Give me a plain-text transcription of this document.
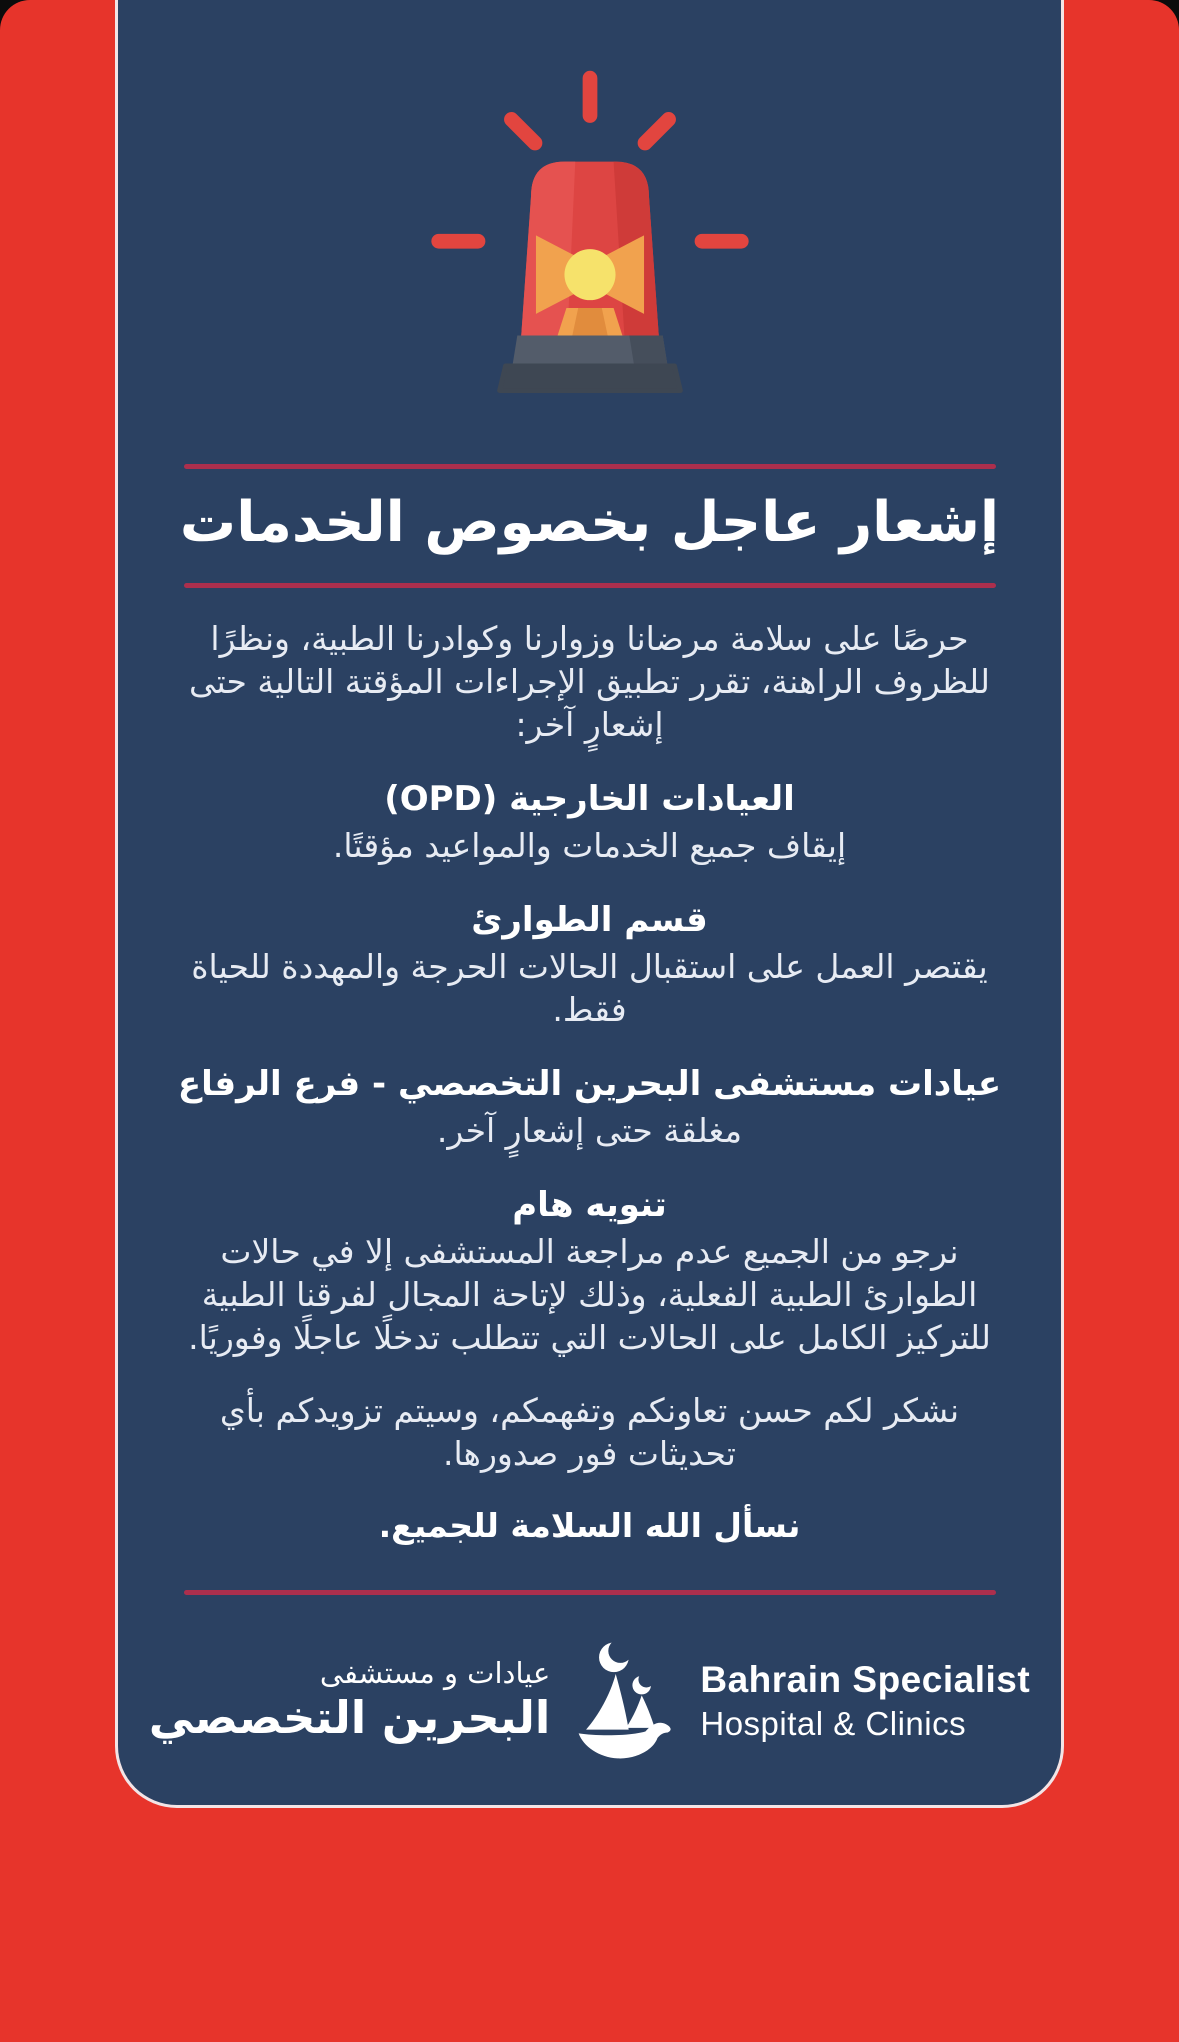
إشعار عاجل بخصوص الخدمات

حرصًا على سلامة مرضانا وزوارنا وكوادرنا الطبية، ونظرًا للظروف الراهنة، تقرر تطبيق الإجراءات المؤقتة التالية حتى إشعارٍ آخر:

العيادات الخارجية (OPD)

إيقاف جميع الخدمات والمواعيد مؤقتًا.

قسم الطوارئ

يقتصر العمل على استقبال الحالات الحرجة والمهددة للحياة فقط.

عيادات مستشفى البحرين التخصصي - فرع الرفاع

مغلقة حتى إشعارٍ آخر.

تنويه هام

نرجو من الجميع عدم مراجعة المستشفى إلا في حالات الطوارئ الطبية الفعلية، وذلك لإتاحة المجال لفرقنا الطبية للتركيز الكامل على الحالات التي تتطلب تدخلًا عاجلًا وفوريًا.

نشكر لكم حسن تعاونكم وتفهمكم، وسيتم تزويدكم بأي تحديثات فور صدورها.

نسأل الله السلامة للجميع.

عيادات و مستشفى
البحرين التخصصي
Bahrain Specialist
Hospital & Clinics
